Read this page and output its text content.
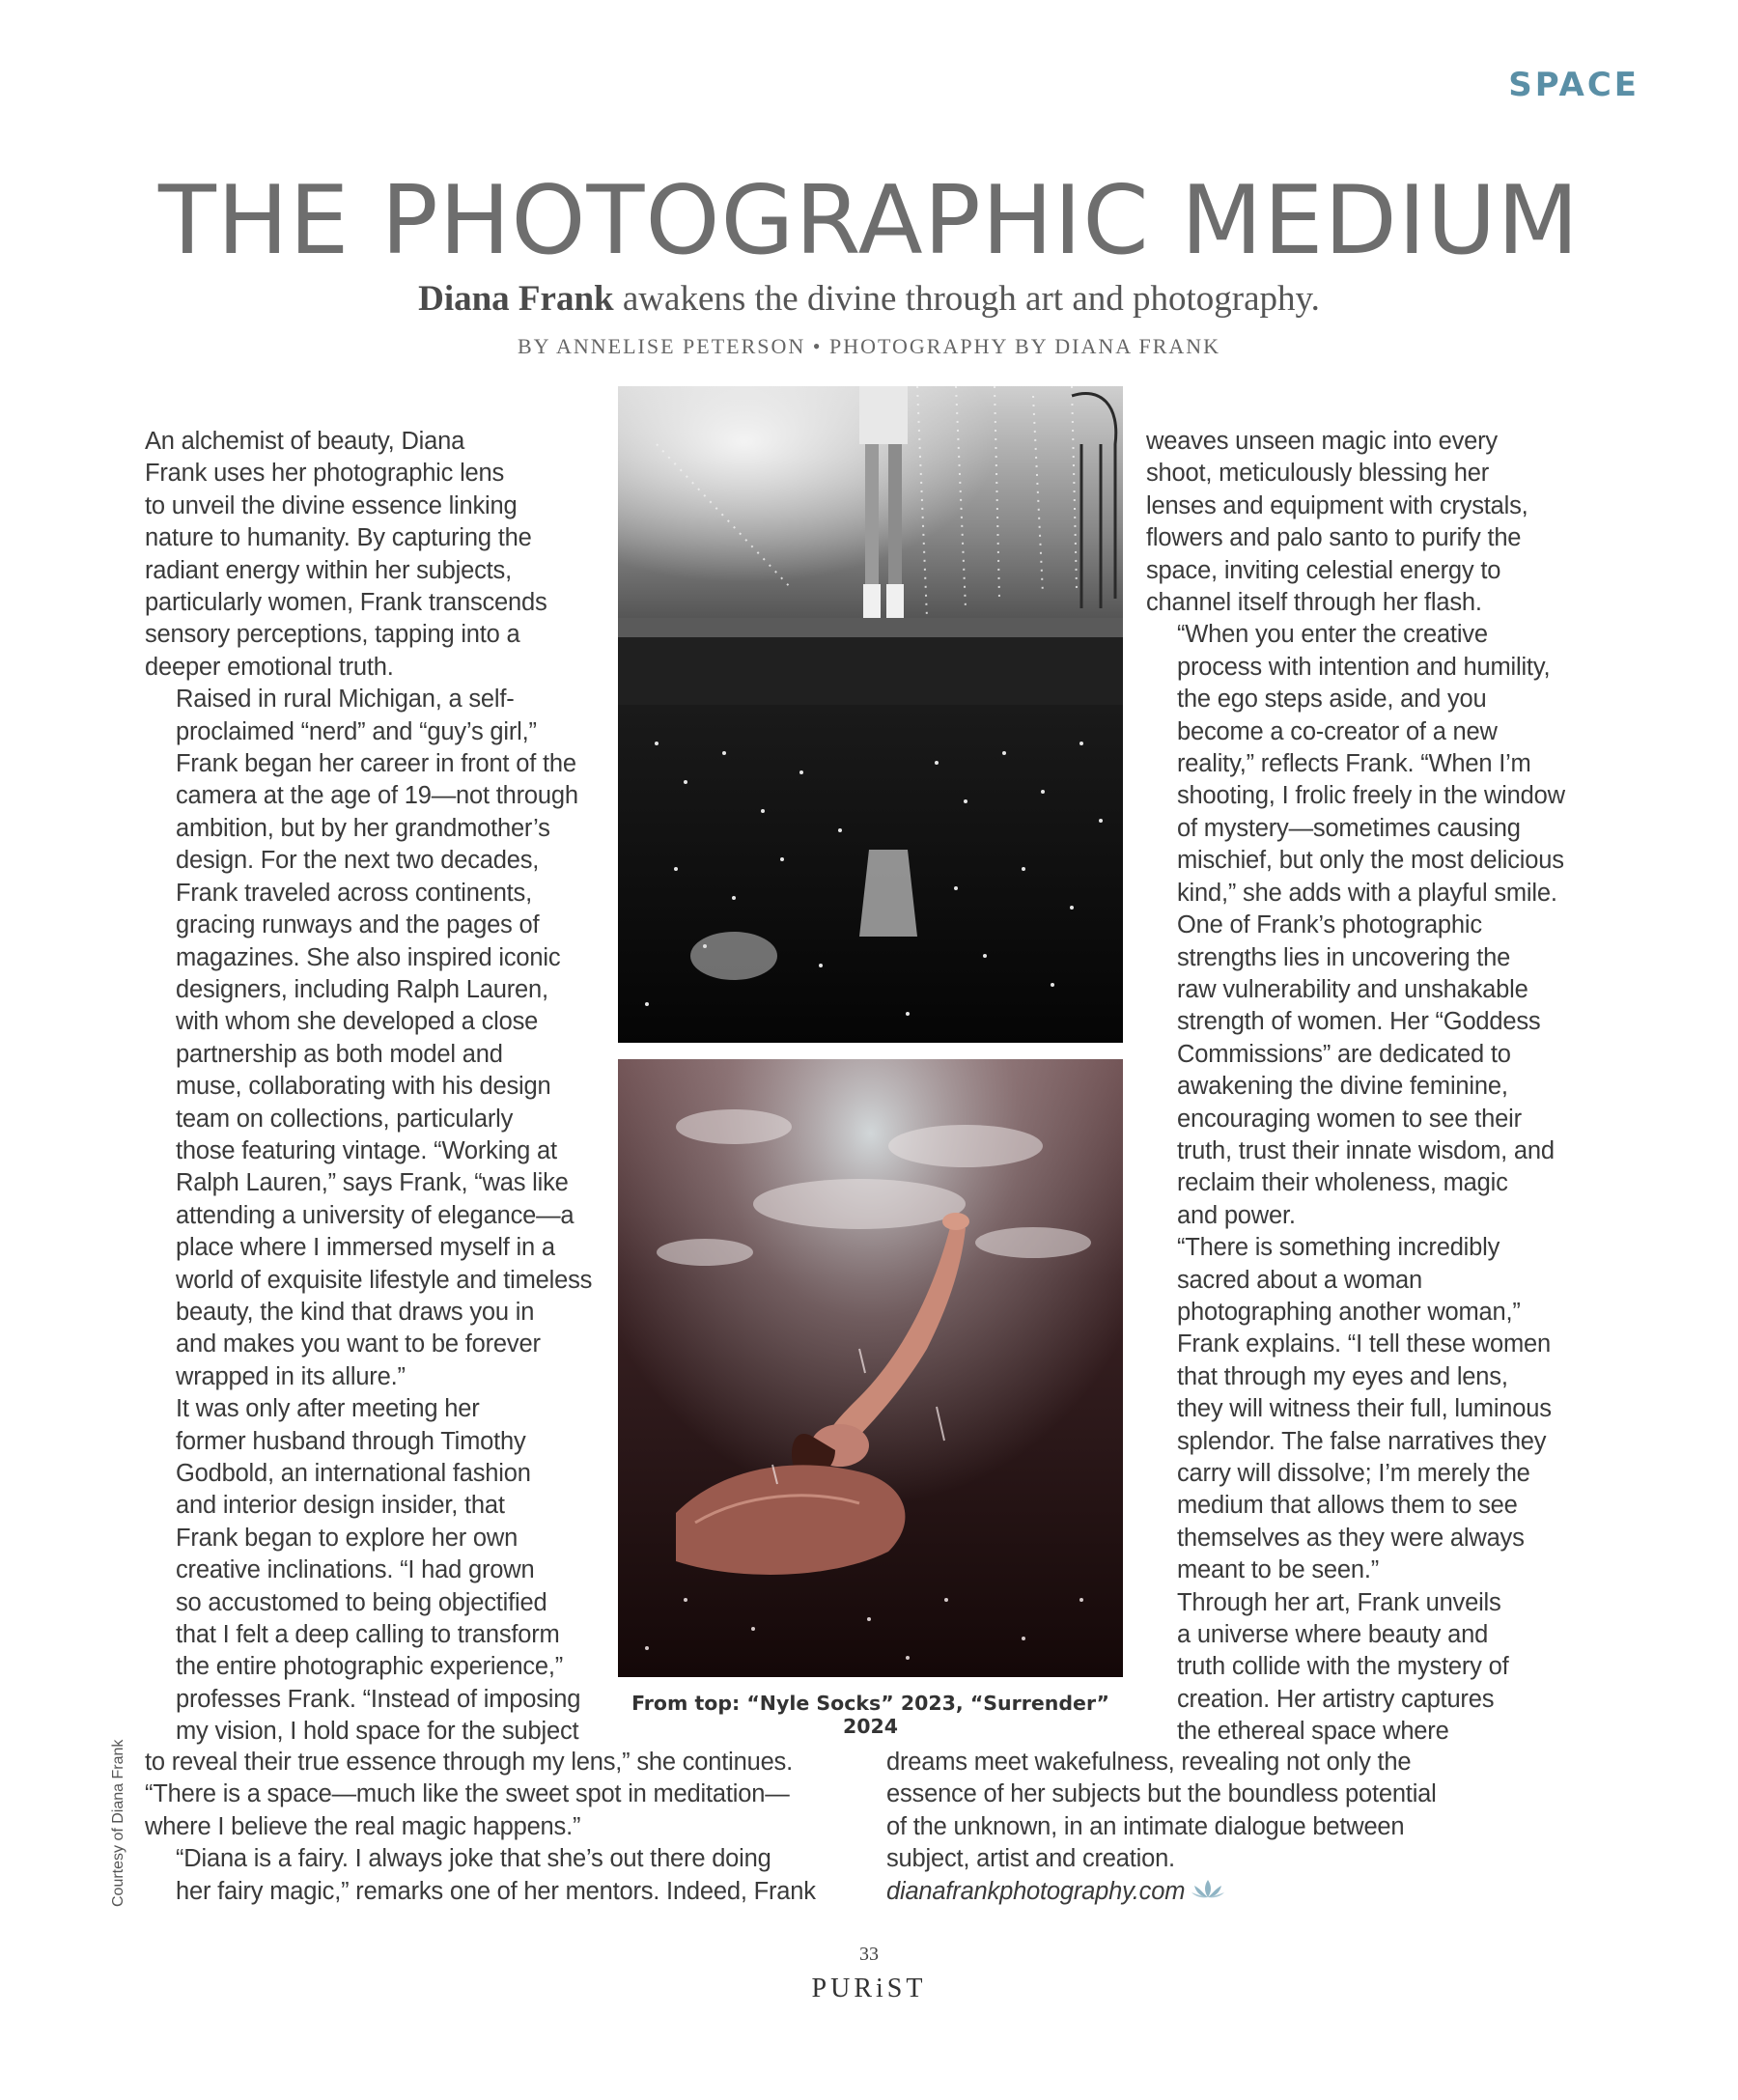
SPACE
THE PHOTOGRAPHIC MEDIUM
Diana Frank awakens the divine through art and photography.
BY ANNELISE PETERSON • PHOTOGRAPHY BY DIANA FRANK

An alchemist of beauty, Diana
Frank uses her photographic lens
to unveil the divine essence linking
nature to humanity. By capturing the
radiant energy within her subjects,
particularly women, Frank transcends
sensory perceptions, tapping into a
deeper emotional truth.

Raised in rural Michigan, a self-
proclaimed “nerd” and “guy’s girl,”
Frank began her career in front of the
camera at the age of 19—not through
ambition, but by her grandmother’s
design. For the next two decades,
Frank traveled across continents,
gracing runways and the pages of
magazines. She also inspired iconic
designers, including Ralph Lauren,
with whom she developed a close
partnership as both model and
muse, collaborating with his design
team on collections, particularly
those featuring vintage. “Working at
Ralph Lauren,” says Frank, “was like
attending a university of elegance—a
place where I immersed myself in a
world of exquisite lifestyle and timeless
beauty, the kind that draws you in
and makes you want to be forever
wrapped in its allure.”

It was only after meeting her
former husband through Timothy
Godbold, an international fashion
and interior design insider, that
Frank began to explore her own
creative inclinations. “I had grown
so accustomed to being objectified
that I felt a deep calling to transform
the entire photographic experience,”
professes Frank. “Instead of imposing
my vision, I hold space for the subject

to reveal their true essence through my lens,” she continues.
“There is a space—much like the sweet spot in meditation—
where I believe the real magic happens.”

“Diana is a fairy. I always joke that she’s out there doing
her fairy magic,” remarks one of her mentors. Indeed, Frank

weaves unseen magic into every
shoot, meticulously blessing her
lenses and equipment with crystals,
flowers and palo santo to purify the
space, inviting celestial energy to
channel itself through her flash.

“When you enter the creative
process with intention and humility,
the ego steps aside, and you
become a co-creator of a new
reality,” reflects Frank. “When I’m
shooting, I frolic freely in the window
of mystery—sometimes causing
mischief, but only the most delicious
kind,” she adds with a playful smile.

One of Frank’s photographic
strengths lies in uncovering the
raw vulnerability and unshakable
strength of women. Her “Goddess
Commissions” are dedicated to
awakening the divine feminine,
encouraging women to see their
truth, trust their innate wisdom, and
reclaim their wholeness, magic
and power.

“There is something incredibly
sacred about a woman
photographing another woman,”
Frank explains. “I tell these women
that through my eyes and lens,
they will witness their full, luminous
splendor. The false narratives they
carry will dissolve; I’m merely the
medium that allows them to see
themselves as they were always
meant to be seen.”

Through her art, Frank unveils
a universe where beauty and
truth collide with the mystery of
creation. Her artistry captures
the ethereal space where

dreams meet wakefulness, revealing not only the
essence of her subjects but the boundless potential
of the unknown, in an intimate dialogue between
subject, artist and creation.
dianafrankphotography.com

From top: “Nyle Socks” 2023, “Surrender” 2024
Courtesy of Diana Frank
33
PURiST
